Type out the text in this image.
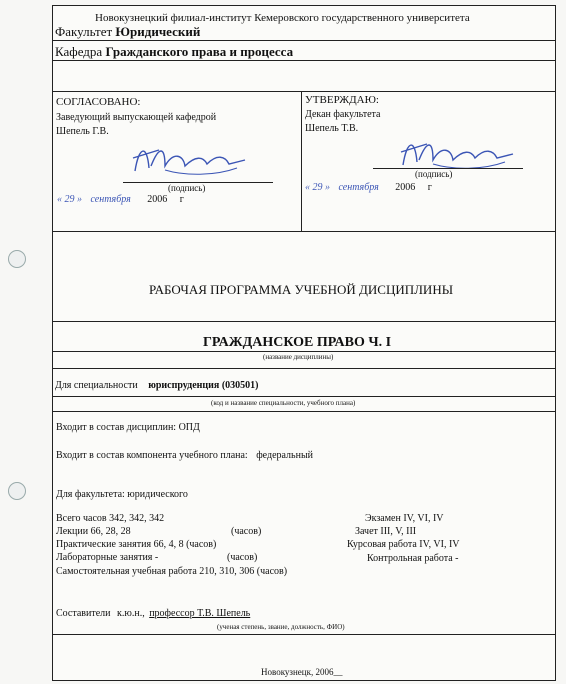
Новокузнецкий филиал-институт Кемеровского государственного университета
Факультет Юридический
Кафедра Гражданского права и процесса
СОГЛАСОВАНО:
Заведующий выпускающей кафедрой
Шепель Г.В.
(подпись)
« 29 » сентября 2006 г
УТВЕРЖДАЮ:
Декан факультета
Шепель Т.В.
(подпись)
« 29 » сентября 2006 г
РАБОЧАЯ ПРОГРАММА УЧЕБНОЙ ДИСЦИПЛИНЫ
ГРАЖДАНСКОЕ ПРАВО Ч. I
(название дисциплины)
Для специальности юриспруденция (030501)
(код и название специальности, учебного плана)
Входит в состав дисциплин: ОПД
Входит в состав компонента учебного плана: федеральный
Для факультета: юридического
Всего часов 342, 342, 342
Лекции 66, 28, 28	(часов)
Практические занятия 66, 4, 8 (часов)
Лабораторные занятия -	(часов)
Самостоятельная учебная работа 210, 310, 306 (часов)
Экзамен IV, VI, IV
Зачет III, V, III
Курсовая работа IV, VI, IV
Контрольная работа -
Составители к.ю.н., профессор Т.В. Шепель
(ученая степень, звание, должность, ФИО)
Новокузнецк, 2006__
